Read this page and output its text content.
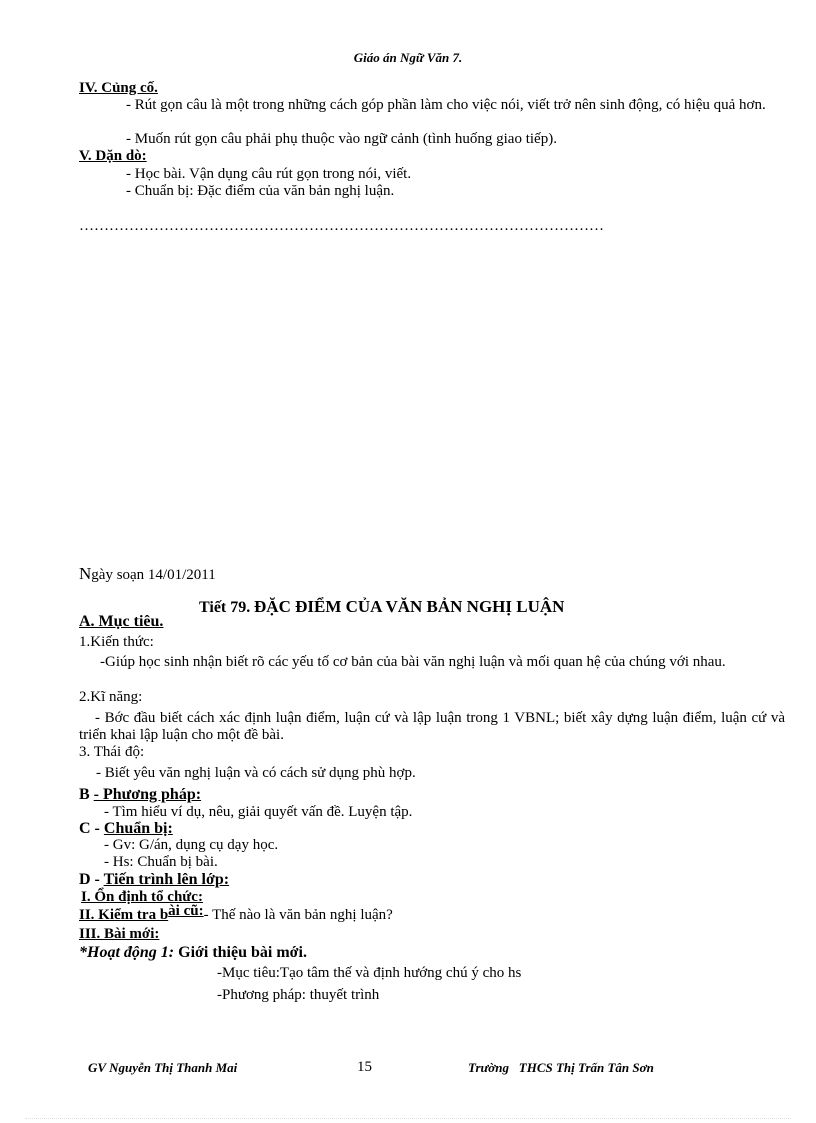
Giáo án Ngữ Văn 7.
IV. Củng cố.
- Rút gọn câu là một trong những cách góp phần làm cho việc nói, viết trở nên sinh động, có hiệu quả hơn.
- Muốn rút gọn câu phải phụ thuộc vào ngữ cảnh (tình huống giao tiếp).
V. Dặn dò:
- Học bài. Vận dụng câu rút gọn trong nói, viết.
- Chuẩn bị: Đặc điểm của văn bản nghị luận.
……………………………………………………………………………………………
Ngày soạn 14/01/2011
Tiết 79. ĐẶC ĐIỂM CỦA VĂN BẢN NGHỊ LUẬN
A. Mục tiêu.
1.Kiến thức:
-Giúp học sinh nhận biết rõ các yếu tố cơ bản của bài văn nghị luận và mối quan hệ của chúng với nhau.
2.Kĩ năng:
- Bớc đầu biết cách xác định luận điểm, luận cứ và lập luận trong 1 VBNL; biết xây dựng luận điểm, luận cứ và triển khai lập luận cho một đề bài.
3. Thái độ:
- Biết yêu văn nghị luận và có cách sử dụng phù hợp.
B - Phương pháp:
- Tìm hiểu ví dụ, nêu, giải quyết vấn đề. Luyện tập.
C - Chuẩn bị:
- Gv: G/án, dụng cụ dạy học.
- Hs: Chuẩn bị bài.
D - Tiến trình lên lớp:
I. Ổn định tổ chức:
II. Kiểm tra bài cũ:- Thế nào là văn bản nghị luận?
III. Bài mới:
*Hoạt động 1: Giới thiệu bài mới.
-Mục tiêu:Tạo tâm thế và định hướng chú ý cho hs
-Phương pháp: thuyết trình
GV Nguyễn Thị Thanh Mai	15	Trường   THCS Thị Trấn Tân Sơn
